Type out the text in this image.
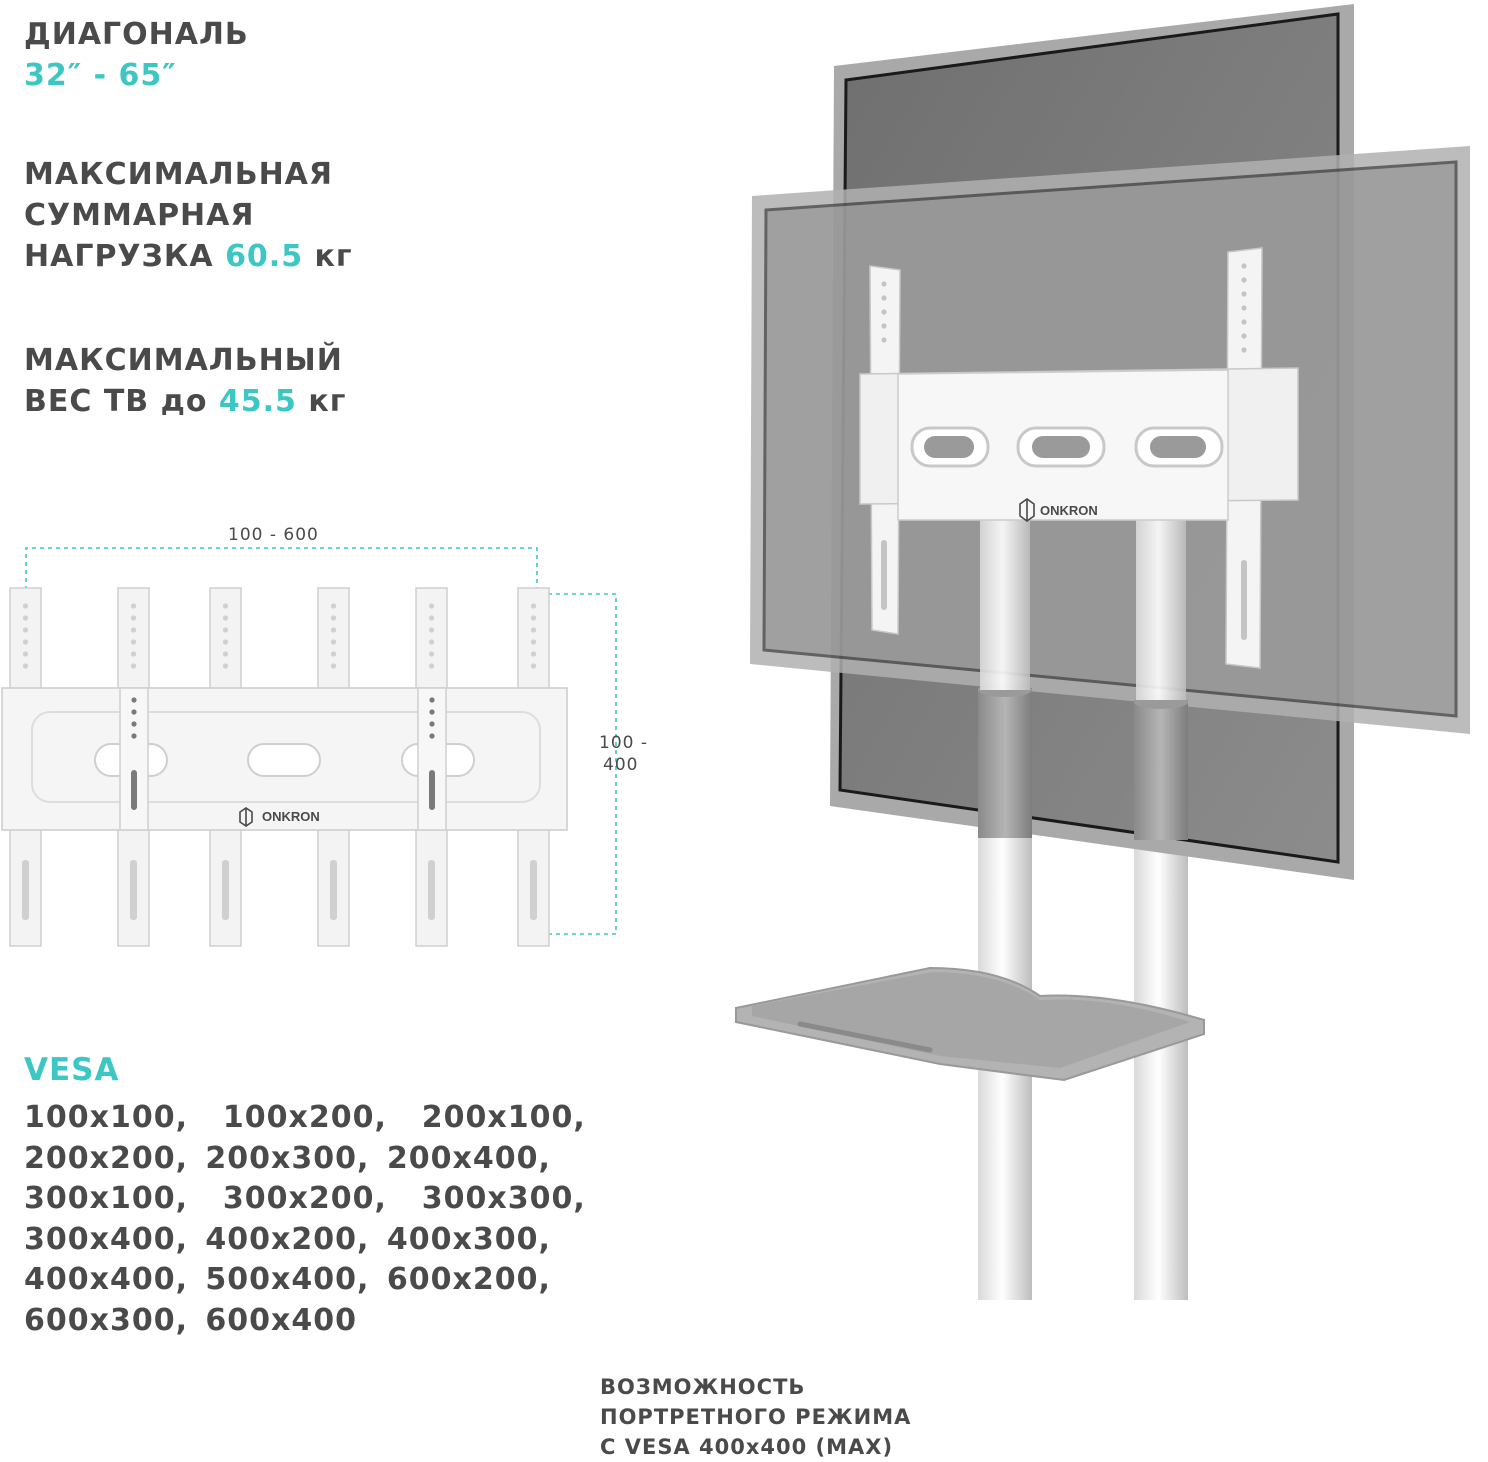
ДИАГОНАЛЬ
32″ - 65″
МАКСИМАЛЬНАЯ
СУММАРНАЯ
НАГРУЗКА 60.5 кг
МАКСИМАЛЬНЫЙ
ВЕС ТВ до 45.5 кг
ONKRON
100 - 600
100 -
400
ONKRON
VESA
100x100,  100x200,  200x100,
200x200, 200x300, 200x400,
300x100,  300x200,  300x300,
300x400, 400x200, 400x300,
400x400, 500x400, 600x200,
600x300, 600x400
ВОЗМОЖНОСТЬ
ПОРТРЕТНОГО РЕЖИМА
С VESA 400x400 (MAX)
